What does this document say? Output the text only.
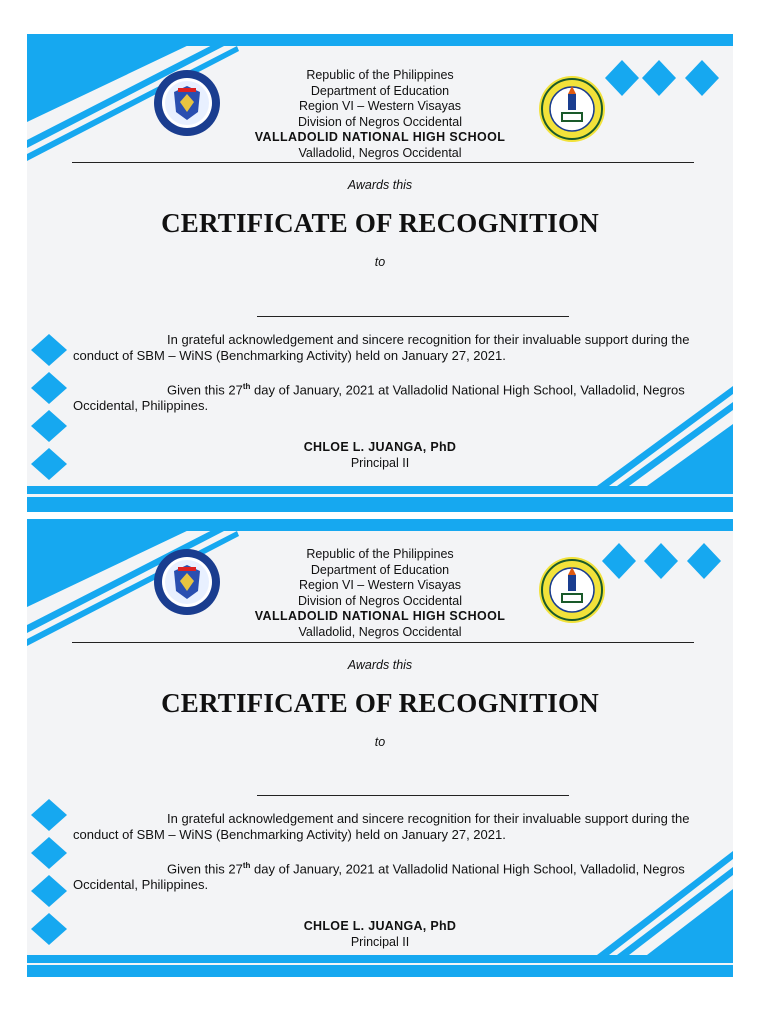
Republic of the Philippines
Department of Education
Region VI – Western Visayas
Division of Negros Occidental
VALLADOLID NATIONAL HIGH SCHOOL
Valladolid, Negros Occidental
Awards this
CERTIFICATE OF RECOGNITION
to
In grateful acknowledgement and sincere recognition for their invaluable support during the conduct of SBM – WiNS (Benchmarking Activity) held on January 27, 2021.
Given this 27th day of January, 2021 at Valladolid National High School, Valladolid, Negros Occidental, Philippines.
CHLOE L. JUANGA, PhD
Principal II
Republic of the Philippines
Department of Education
Region VI – Western Visayas
Division of Negros Occidental
VALLADOLID NATIONAL HIGH SCHOOL
Valladolid, Negros Occidental
Awards this
CERTIFICATE OF RECOGNITION
to
In grateful acknowledgement and sincere recognition for their invaluable support during the conduct of SBM – WiNS (Benchmarking Activity) held on January 27, 2021.
Given this 27th day of January, 2021 at Valladolid National High School, Valladolid, Negros Occidental, Philippines.
CHLOE L. JUANGA, PhD
Principal II
